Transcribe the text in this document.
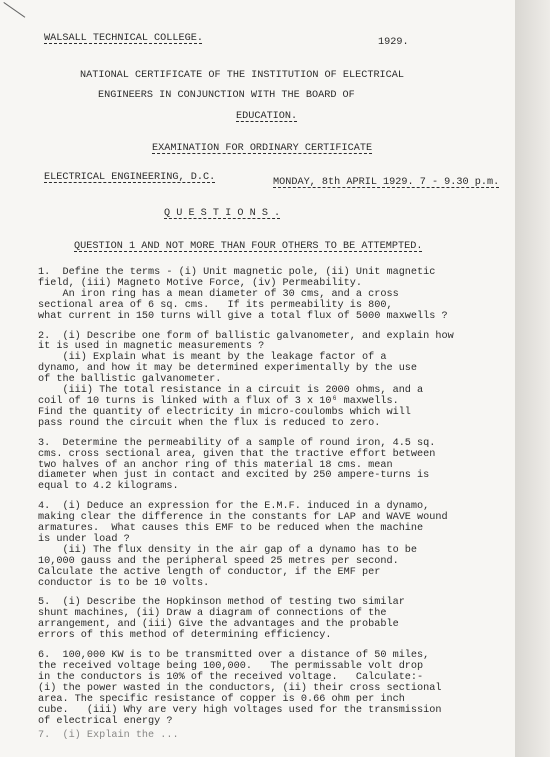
WALSALL TECHNICAL COLLEGE.	1929.
NATIONAL CERTIFICATE OF THE INSTITUTION OF ELECTRICAL
ENGINEERS IN CONJUNCTION WITH THE BOARD OF
EDUCATION.
EXAMINATION FOR ORDINARY CERTIFICATE
ELECTRICAL ENGINEERING, D.C.	MONDAY, 8th APRIL 1929. 7 - 9.30 p.m.
Q U E S T I O N S .
QUESTION 1 AND NOT MORE THAN FOUR OTHERS TO BE ATTEMPTED.
1.  Define the terms - (i) Unit magnetic pole, (ii) Unit magnetic
field, (iii) Magneto Motive Force, (iv) Permeability.
An iron ring has a mean diameter of 30 cms, and a cross
sectional area of 6 sq. cms.   If its permeability is 800,
what current in 150 turns will give a total flux of 5000 maxwells ?
2.  (i) Describe one form of ballistic galvanometer, and explain how
it is used in magnetic measurements ?
(ii) Explain what is meant by the leakage factor of a
dynamo, and how it may be determined experimentally by the use
of the ballistic galvanometer.
(iii) The total resistance in a circuit is 2000 ohms, and a
coil of 10 turns is linked with a flux of 3 x 10⁶ maxwells.
Find the quantity of electricity in micro-coulombs which will
pass round the circuit when the flux is reduced to zero.
3.  Determine the permeability of a sample of round iron, 4.5 sq.
cms. cross sectional area, given that the tractive effort between
two halves of an anchor ring of this material 18 cms. mean
diameter when just in contact and excited by 250 ampere-turns is
equal to 4.2 kilograms.
4.  (i) Deduce an expression for the E.M.F. induced in a dynamo,
making clear the difference in the constants for LAP and WAVE wound
armatures.  What causes this EMF to be reduced when the machine
is under load ?
(ii) The flux density in the air gap of a dynamo has to be
10,000 gauss and the peripheral speed 25 metres per second.
Calculate the active length of conductor, if the EMF per
conductor is to be 10 volts.
5.  (i) Describe the Hopkinson method of testing two similar
shunt machines, (ii) Draw a diagram of connections of the
arrangement, and (iii) Give the advantages and the probable
errors of this method of determining efficiency.
6.  100,000 KW is to be transmitted over a distance of 50 miles,
the received voltage being 100,000.   The permissable volt drop
in the conductors is 10% of the received voltage.   Calculate:-
(i) the power wasted in the conductors, (ii) their cross sectional
area. The specific resistance of copper is 0.66 ohm per inch
cube.   (iii) Why are very high voltages used for the transmission
of electrical energy ?
7.  (i) Explain the ...
